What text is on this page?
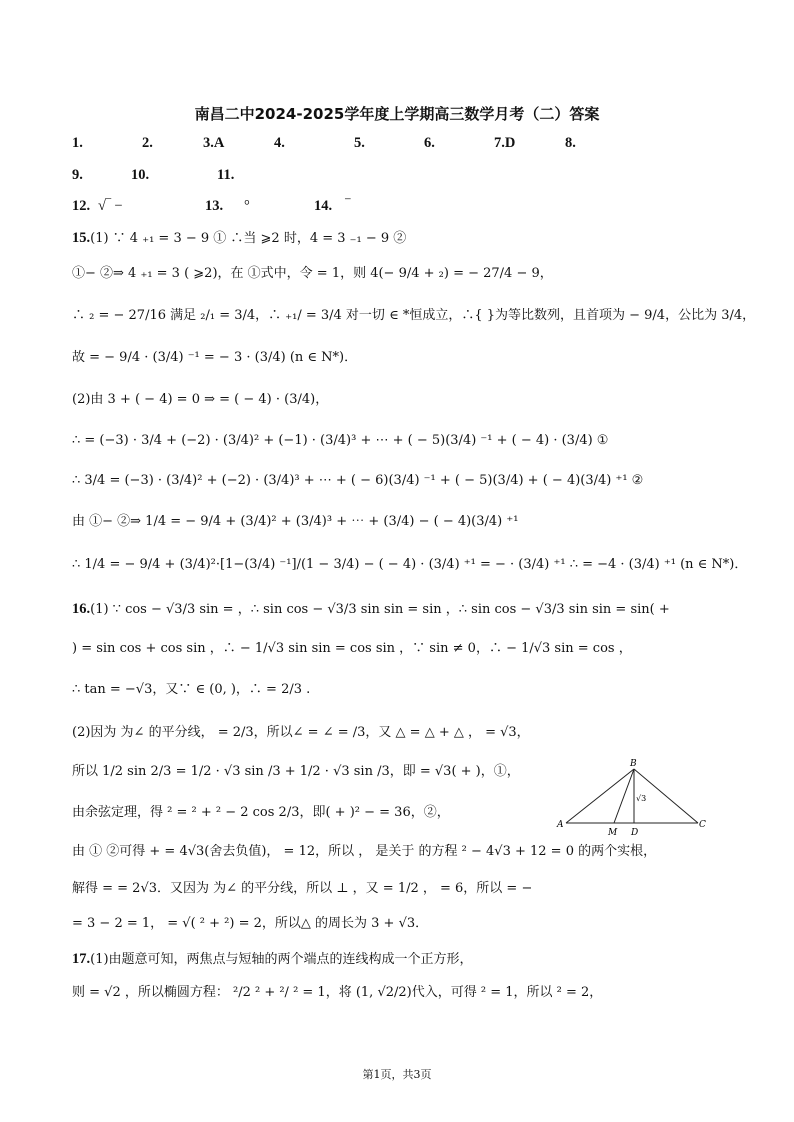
南昌二中2024-2025学年度上学期高三数学月考（二）答案
1.	2.	3.A	4.	5.	6.	7.D	8.
9.	10.	11.
12. √‾ −	13. °	14. ⁻
15.(1) ∵ 4 ₊₁ = 3 − 9 ① ∴当 ⩾2 时，4 = 3 ₋₁ − 9 ②
①− ②⇒ 4 ₊₁ = 3 ( ⩾2)，在 ①式中，令 = 1，则 4(− 9/4 + ₂) = − 27/4 − 9，
∴ ₂ = − 27/16 满足 ₂/₁ = 3/4，∴ ₊₁/ = 3/4 对一切 ∈ *恒成立，∴{ }为等比数列，且首项为 − 9/4，公比为 3/4，
故 = − 9/4 · (3/4) ⁻¹ = − 3 · (3/4) (n ∈ N*)．
(2)由 3 + ( − 4) = 0 ⇒ = ( − 4) · (3/4)，
∴ = (−3) · 3/4 + (−2) · (3/4)² + (−1) · (3/4)³ + ⋯ + ( − 5)(3/4) ⁻¹ + ( − 4) · (3/4) ①
∴ 3/4 = (−3) · (3/4)² + (−2) · (3/4)³ + ⋯ + ( − 6)(3/4) ⁻¹ + ( − 5)(3/4) + ( − 4)(3/4) ⁺¹ ②
由 ①− ②⇒ 1/4 = − 9/4 + (3/4)² + (3/4)³ + ⋯ + (3/4) − ( − 4)(3/4) ⁺¹
∴ 1/4 = − 9/4 + (3/4)²·[1−(3/4) ⁻¹]/(1 − 3/4) − ( − 4) · (3/4) ⁺¹ = − · (3/4) ⁺¹ ∴ = −4 · (3/4) ⁺¹ (n ∈ N*)．
16.(1) ∵ cos − √3/3 sin = ，∴ sin cos − √3/3 sin sin = sin ，∴ sin cos − √3/3 sin sin = sin( +
) = sin cos + cos sin ，∴ − 1/√3 sin sin = cos sin ，∵ sin ≠ 0，∴ − 1/√3 sin = cos ，
∴ tan = −√3，又∵ ∈ (0, )，∴ = 2/3 .
(2)因为 为∠ 的平分线， = 2/3，所以∠ = ∠ = /3，又 △ = △ + △ ， = √3，
所以 1/2 sin 2/3 = 1/2 · √3 sin /3 + 1/2 · √3 sin /3，即 = √3( + )，①，
由余弦定理，得 ² = ² + ² − 2 cos 2/3，即( + )² − = 36，②，
由 ① ②可得 + = 4√3(舍去负值)， = 12，所以 ， 是关于 的方程 ² − 4√3 + 12 = 0 的两个实根，
解得 = = 2√3．又因为 为∠ 的平分线，所以 ⊥ ，又 = 1/2 ， = 6，所以 = −
= 3 − 2 = 1， = √( ² + ²) = 2，所以△ 的周长为 3 + √3．
17.(1)由题意可知，两焦点与短轴的两个端点的连线构成一个正方形，
则 = √2 ，所以椭圆方程： ²/2 ² + ²/ ² = 1，将 (1, √2/2)代入，可得 ² = 1，所以 ² = 2，
B
A
M D
C
√3
第1页，共3页
